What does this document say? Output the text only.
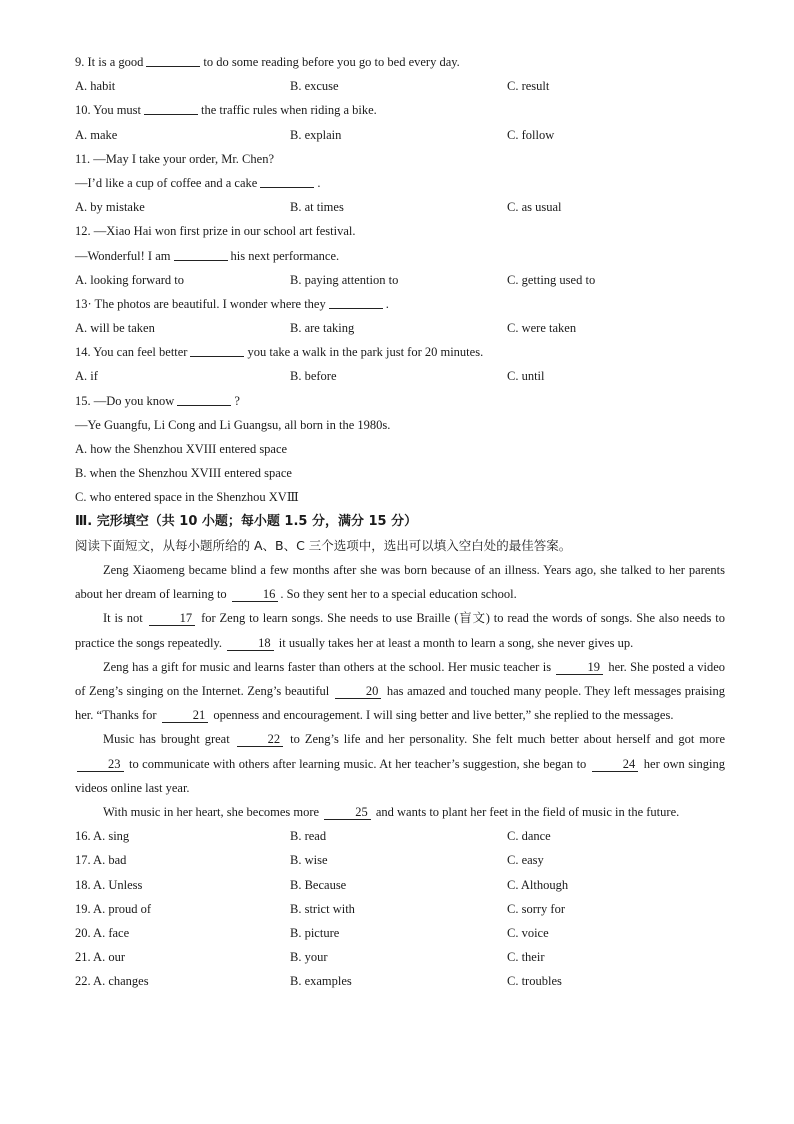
9. It is a good	to do some reading before you go to bed every day.
A. habit	B. excuse	C. result
10. You must	the traffic rules when riding a bike.
A. make	B. explain	C. follow
11. —May I take your order, Mr. Chen?
—I’d like a cup of coffee and a cake	.
A. by mistake	B. at times	C. as usual
12. —Xiao Hai won first prize in our school art festival.
—Wonderful! I am	his next performance.
A. looking forward to	B. paying attention to	C. getting used to
13· The photos are beautiful. I wonder where they	.
A. will be taken	B. are taking	C. were taken
14. You can feel better	you take a walk in the park just for 20 minutes.
A. if	B. before	C. until
15. —Do you know	?
—Ye Guangfu, Li Cong and Li Guangsu, all born in the 1980s.
A. how the Shenzhou XVIII entered space
B. when the Shenzhou XVIII entered space
C. who entered space in the Shenzhou XVⅢ
Ⅲ. 完形填空（共 10 小题；每小题 1.5 分，满分 15 分）
阅读下面短文，从每小题所给的 A、B、C 三个选项中，选出可以填入空白处的最佳答案。
Zeng Xiaomeng became blind a few months after she was born because of an illness. Years ago, she talked to her parents about her dream of learning to	16 . So they sent her to a special education school.
It is not	17 for Zeng to learn songs. She needs to use Braille (盲文) to read the words of songs. She also needs to practice the songs repeatedly.	18 it usually takes her at least a month to learn a song, she never gives up.
Zeng has a gift for music and learns faster than others at the school. Her music teacher is	19 her. She posted a video of Zeng’s singing on the Internet. Zeng’s beautiful	20 has amazed and touched many people. They left messages praising her. “Thanks for	21 openness and encouragement. I will sing better and live better,” she replied to the messages.
Music has brought great	22 to Zeng’s life and her personality. She felt much better about herself and got more 23 to communicate with others after learning music. At her teacher’s suggestion, she began to	24 her own singing videos online last year.
With music in her heart, she becomes more	25 and wants to plant her feet in the field of music in the future.
16. A. sing	B. read	C. dance
17. A. bad	B. wise	C. easy
18. A. Unless	B. Because	C. Although
19. A. proud of	B. strict with	C. sorry for
20. A. face	B. picture	C. voice
21. A. our	B. your	C. their
22. A. changes	B. examples	C. troubles
